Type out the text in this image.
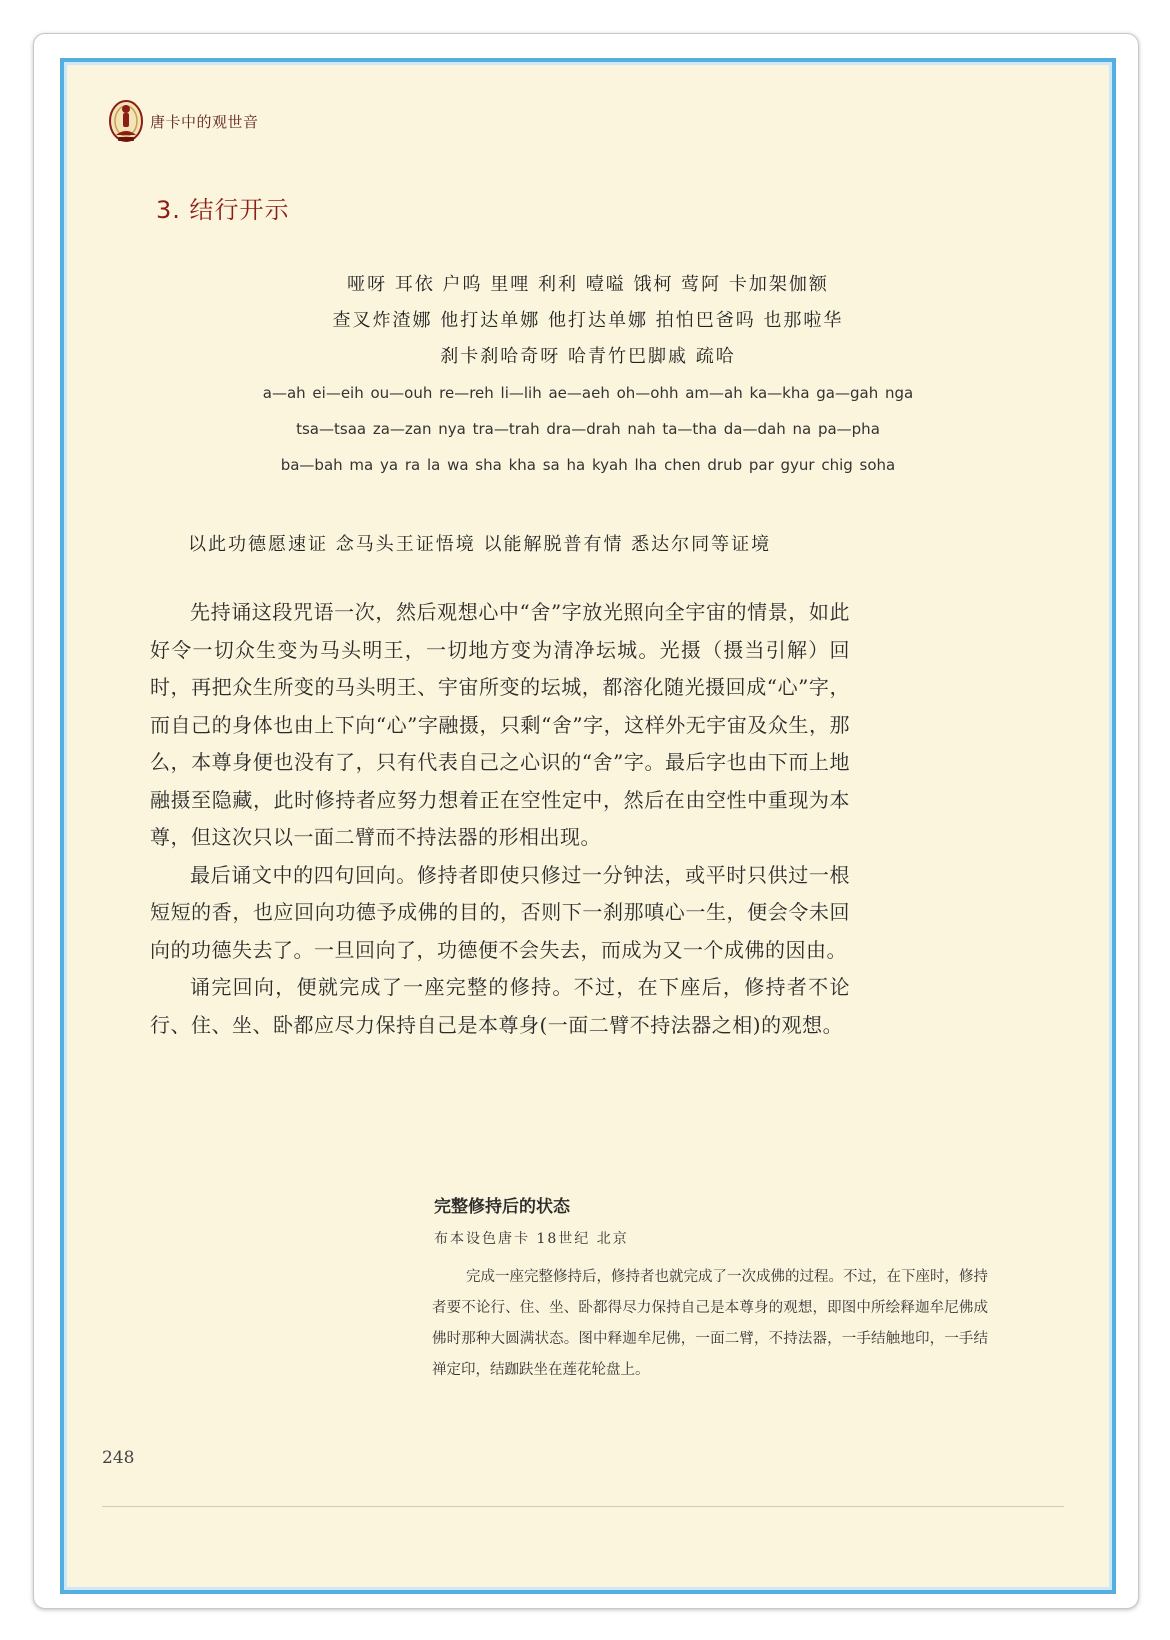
唐卡中的观世音
3. 结行开示
哑呀 耳依 户呜 里哩 利利 噎嗌 饿柯 莺阿 卡加架伽额
查叉炸渣娜 他打达单娜 他打达单娜 拍怕巴爸吗 也那啦华
刹卡刹哈奇呀 哈青竹巴脚戚 疏哈
a—ah ei—eih ou—ouh re—reh li—lih ae—aeh oh—ohh am—ah ka—kha ga—gah nga
tsa—tsaa za—zan nya tra—trah dra—drah nah ta—tha da—dah na pa—pha
ba—bah ma ya ra la wa sha kha sa ha kyah lha chen drub par gyur chig soha
以此功德愿速证 念马头王证悟境 以能解脱普有情 悉达尔同等证境

先持诵这段咒语一次，然后观想心中“舍”字放光照向全宇宙的情景，如此好令一切众生变为马头明王，一切地方变为清净坛城。光摄（摄当引解）回时，再把众生所变的马头明王、宇宙所变的坛城，都溶化随光摄回成“心”字，而自己的身体也由上下向“心”字融摄，只剩“舍”字，这样外无宇宙及众生，那么，本尊身便也没有了，只有代表自己之心识的“舍”字。最后字也由下而上地融摄至隐藏，此时修持者应努力想着正在空性定中，然后在由空性中重现为本尊，但这次只以一面二臂而不持法器的形相出现。

最后诵文中的四句回向。修持者即使只修过一分钟法，或平时只供过一根短短的香，也应回向功德予成佛的目的，否则下一刹那嗔心一生，便会令未回向的功德失去了。一旦回向了，功德便不会失去，而成为又一个成佛的因由。

诵完回向，便就完成了一座完整的修持。不过，在下座后，修持者不论行、住、坐、卧都应尽力保持自己是本尊身(一面二臂不持法器之相)的观想。

完整修持后的状态
布本设色唐卡 18世纪 北京
完成一座完整修持后，修持者也就完成了一次成佛的过程。不过，在下座时，修持者要不论行、住、坐、卧都得尽力保持自己是本尊身的观想，即图中所绘释迦牟尼佛成佛时那种大圆满状态。图中释迦牟尼佛，一面二臂，不持法器，一手结触地印，一手结禅定印，结跏趺坐在莲花轮盘上。
248
